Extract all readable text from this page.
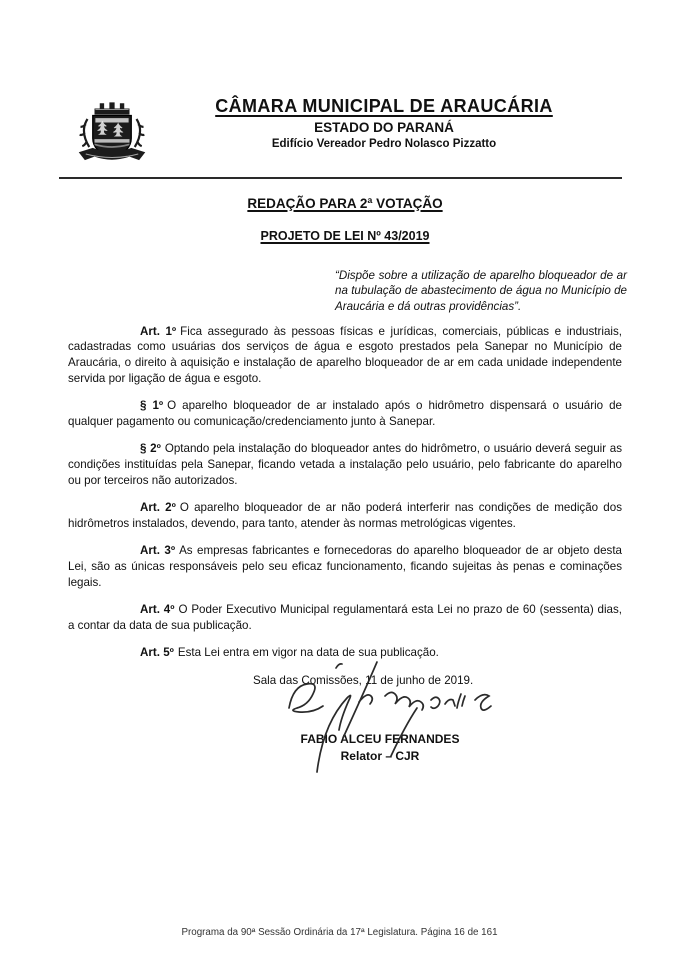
CÂMARA MUNICIPAL DE ARAUCÁRIA
ESTADO DO PARANÁ
Edifício Vereador Pedro Nolasco Pizzatto
REDAÇÃO PARA 2ª VOTAÇÃO
PROJETO DE LEI Nº 43/2019
“Dispõe sobre a utilização de aparelho bloqueador de ar na tubulação de abastecimento de água no Município de Araucária e dá outras providências”.

Art. 1º Fica assegurado às pessoas físicas e jurídicas, comerciais, públicas e industriais, cadastradas como usuárias dos serviços de água e esgoto prestados pela Sanepar no Município de Araucária, o direito à aquisição e instalação de aparelho bloqueador de ar em cada unidade independente servida por ligação de água e esgoto.

§ 1º O aparelho bloqueador de ar instalado após o hidrômetro dispensará o usuário de qualquer pagamento ou comunicação/credenciamento junto à Sanepar.

§ 2º Optando pela instalação do bloqueador antes do hidrômetro, o usuário deverá seguir as condições instituídas pela Sanepar, ficando vetada a instalação pelo usuário, pelo fabricante do aparelho ou por terceiros não autorizados.

Art. 2º O aparelho bloqueador de ar não poderá interferir nas condições de medição dos hidrômetros instalados, devendo, para tanto, atender às normas metrológicas vigentes.

Art. 3º As empresas fabricantes e fornecedoras do aparelho bloqueador de ar objeto desta Lei, são as únicas responsáveis pelo seu eficaz funcionamento, ficando sujeitas às penas e cominações legais.

Art. 4º O Poder Executivo Municipal regulamentará esta Lei no prazo de 60 (sessenta) dias, a contar da data de sua publicação.

Art. 5º Esta Lei entra em vigor na data de sua publicação.

Sala das Comissões, 11 de junho de 2019.
FABIO ALCEU FERNANDES
Relator – CJR
Programa da 90ª Sessão Ordinária da 17ª Legislatura. Página 16 de 161
